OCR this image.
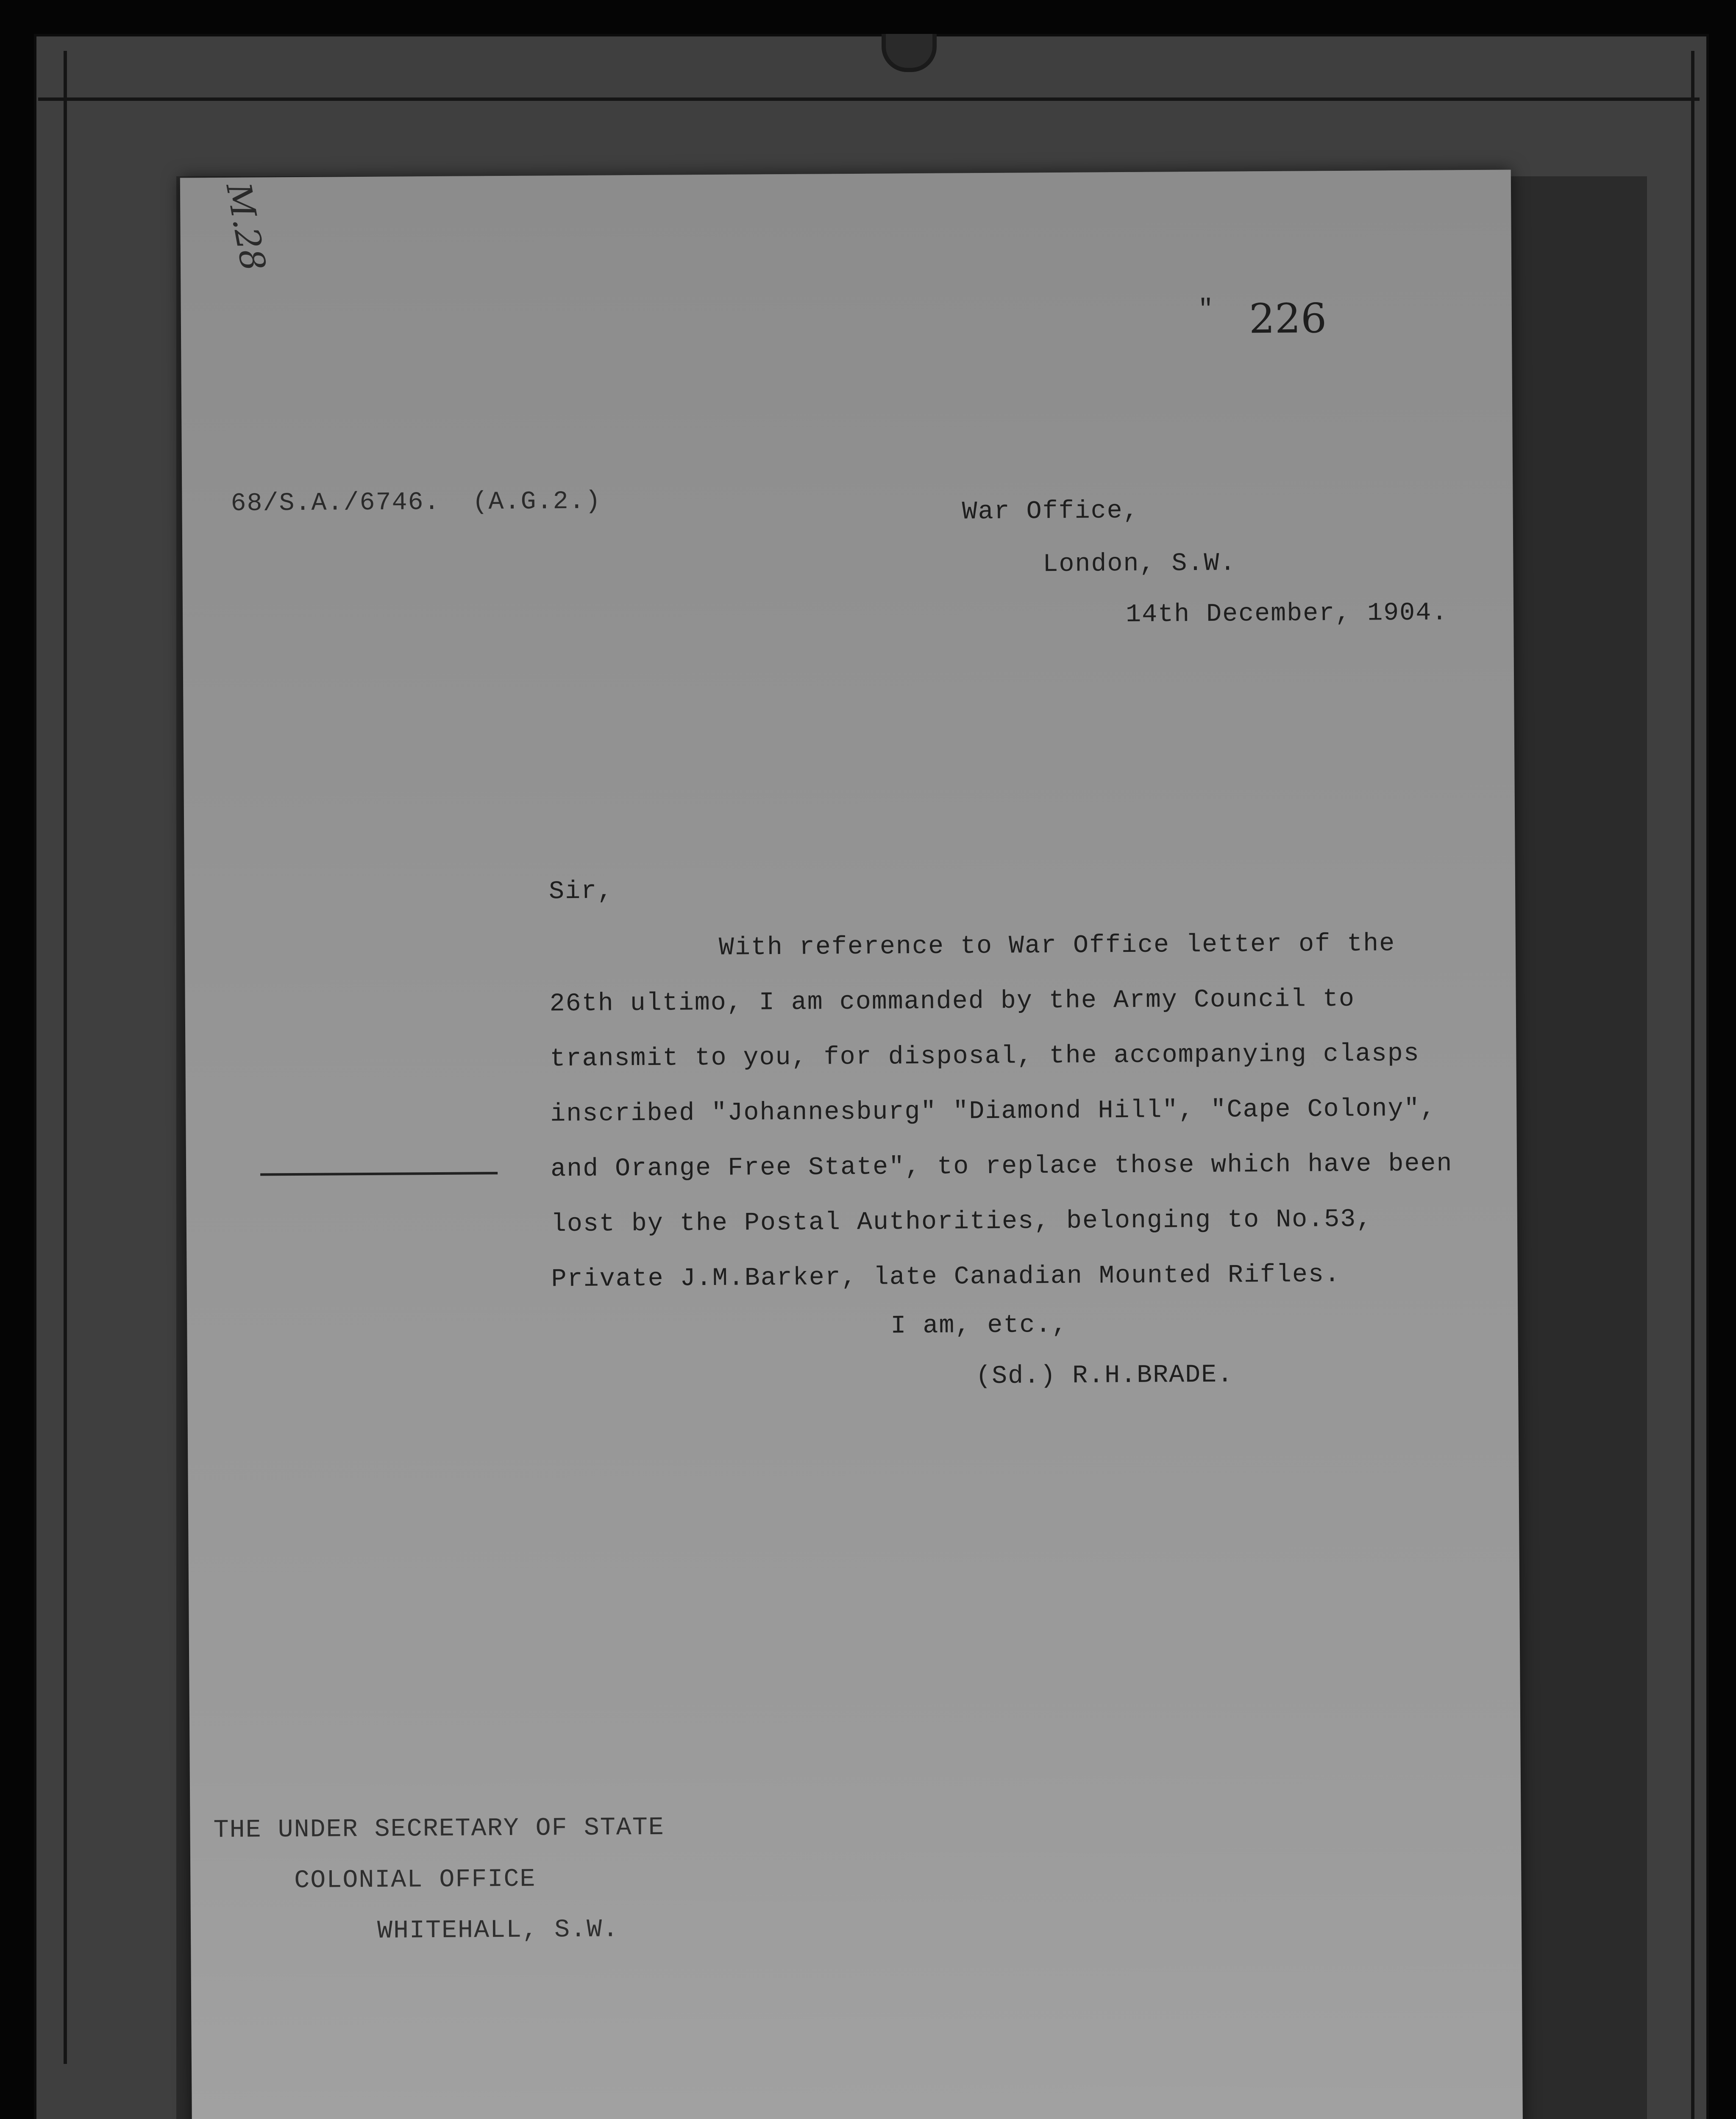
M.28
" 226
68/S.A./6746.  (A.G.2.)	War Office,
London, S.W.
14th December, 1904.
Sir,
With reference to War Office letter of the
26th ultimo, I am commanded by the Army Council to
transmit to you, for disposal, the accompanying clasps
inscribed "Johannesburg" "Diamond Hill", "Cape Colony",
and Orange Free State", to replace those which have been
lost by the Postal Authorities, belonging to No.53,
Private J.M.Barker, late Canadian Mounted Rifles.
I am, etc.,
(Sd.) R.H.BRADE.
THE UNDER SECRETARY OF STATE
COLONIAL OFFICE
WHITEHALL, S.W.
